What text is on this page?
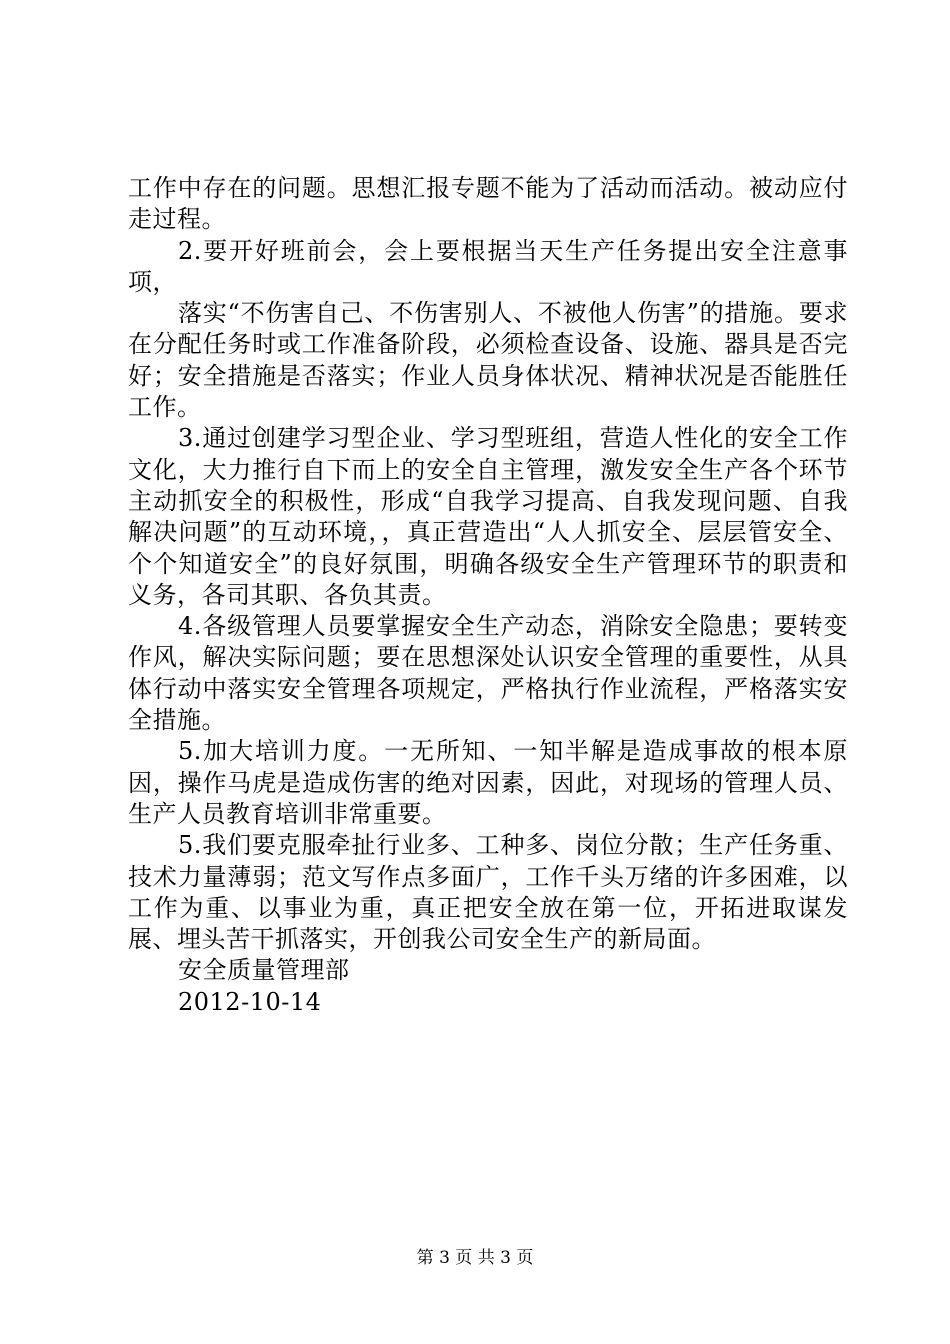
工作中存在的问题。思想汇报专题不能为了活动而活动。被动应付走过程。

2.要开好班前会，会上要根据当天生产任务提出安全注意事项，

落实“不伤害自己、不伤害别人、不被他人伤害”的措施。要求在分配任务时或工作准备阶段，必须检查设备、设施、器具是否完好；安全措施是否落实；作业人员身体状况、精神状况是否能胜任工作。

3.通过创建学习型企业、学习型班组，营造人性化的安全工作文化，大力推行自下而上的安全自主管理，激发安全生产各个环节主动抓安全的积极性，形成“自我学习提高、自我发现问题、自我解决问题”的互动环境，，真正营造出“人人抓安全、层层管安全、个个知道安全”的良好氛围，明确各级安全生产管理环节的职责和义务，各司其职、各负其责。

4.各级管理人员要掌握安全生产动态，消除安全隐患；要转变作风，解决实际问题；要在思想深处认识安全管理的重要性，从具体行动中落实安全管理各项规定，严格执行作业流程，严格落实安全措施。

5.加大培训力度。一无所知、一知半解是造成事故的根本原因，操作马虎是造成伤害的绝对因素，因此，对现场的管理人员、生产人员教育培训非常重要。

5.我们要克服牵扯行业多、工种多、岗位分散；生产任务重、技术力量薄弱；范文写作点多面广，工作千头万绪的许多困难，以工作为重、以事业为重，真正把安全放在第一位，开拓进取谋发展、埋头苦干抓落实，开创我公司安全生产的新局面。

安全质量管理部

2012-10-14

第 3 页 共 3 页
